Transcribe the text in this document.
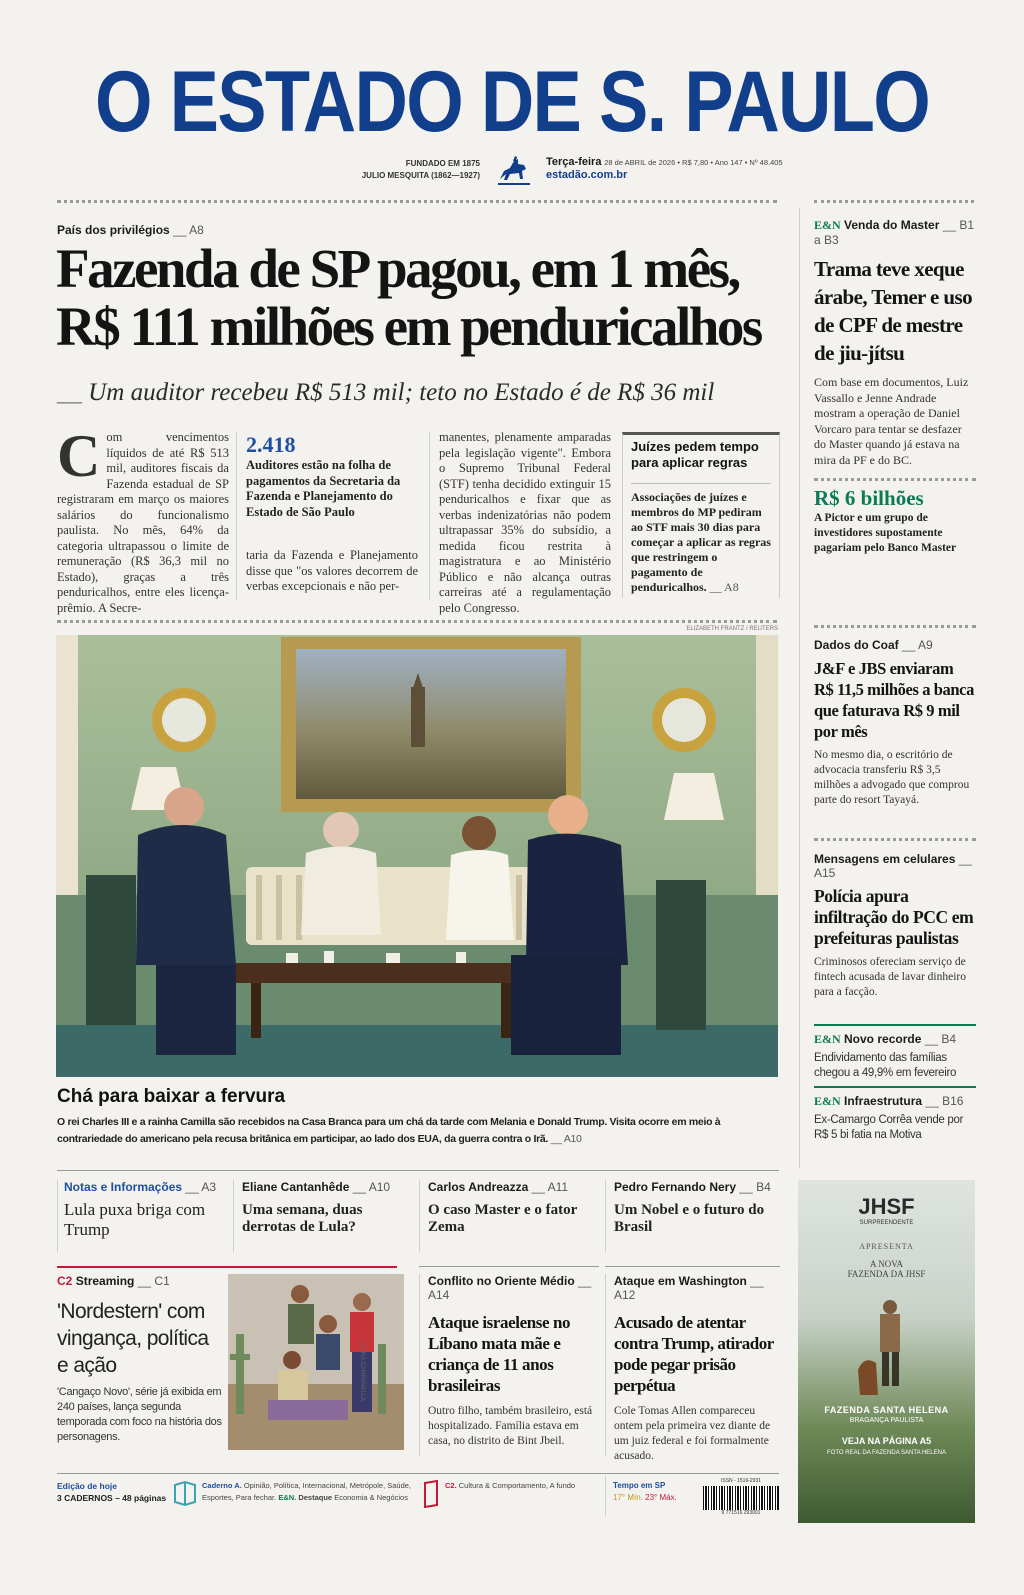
O ESTADO DE S. PAULO
FUNDADO EM 1875
JULIO MESQUITA (1862—1927)
Terça-feira 28 de ABRIL de 2026 • R$ 7,80 • Ano 147 • Nº 48.405
estadão.com.br
País dos privilégios __ A8
Fazenda de SP pagou, em 1 mês,
R$ 111 milhões em penduricalhos
__ Um auditor recebeu R$ 513 mil; teto no Estado é de R$ 36 mil
Com vencimentos líquidos de até R$ 513 mil, auditores fiscais da Fazenda estadual de SP registraram em março os maiores salários do funcionalismo paulista. No mês, 64% da categoria ultrapassou o limite de remuneração (R$ 36,3 mil no Estado), graças a três penduricalhos, entre eles licença-prêmio. A Secre-
2.418
Auditores estão na folha de pagamentos da Secretaria da Fazenda e Planejamento do Estado de São Paulo
taria da Fazenda e Planejamento disse que "os valores decorrem de verbas excepcionais e não per-
manentes, plenamente amparadas pela legislação vigente". Embora o Supremo Tribunal Federal (STF) tenha decidido extinguir 15 penduricalhos e fixar que as verbas indenizatórias não podem ultrapassar 35% do subsídio, a medida ficou restrita à magistratura e ao Ministério Público e não alcança outras carreiras até a regulamentação pelo Congresso.
Juízes pedem tempo para aplicar regras
Associações de juízes e membros do MP pediram ao STF mais 30 dias para começar a aplicar as regras que restringem o pagamento de penduricalhos. __ A8
ELIZABETH FRANTZ / REUTERS
Chá para baixar a fervura
O rei Charles III e a rainha Camilla são recebidos na Casa Branca para um chá da tarde com Melania e Donald Trump. Visita ocorre em meio à contrariedade do americano pela recusa britânica em participar, ao lado dos EUA, da guerra contra o Irã. __ A10
E&N Venda do Master __ B1 a B3
Trama teve xeque árabe, Temer e uso de CPF de mestre de jiu-jítsu
Com base em documentos, Luiz Vassallo e Jenne Andrade mostram a operação de Daniel Vorcaro para tentar se desfazer do Master quando já estava na mira da PF e do BC.
R$ 6 bilhões
A Pictor e um grupo de investidores supostamente pagariam pelo Banco Master
Dados do Coaf __ A9
J&F e JBS enviaram R$ 11,5 milhões a banca que faturava R$ 9 mil por mês
No mesmo dia, o escritório de advocacia transferiu R$ 3,5 milhões a advogado que comprou parte do resort Tayayá.
Mensagens em celulares __ A15
Polícia apura infiltração do PCC em prefeituras paulistas
Criminosos ofereciam serviço de fintech acusada de lavar dinheiro para a facção.
E&N Novo recorde __ B4
Endividamento das famílias chegou a 49,9% em fevereiro
E&N Infraestrutura __ B16
Ex-Camargo Corrêa vende por R$ 5 bi fatia na Motiva
Notas e Informações __ A3
Lula puxa briga com Trump
Eliane Cantanhêde __ A10
Uma semana, duas derrotas de Lula?
Carlos Andreazza __ A11
O caso Master e o fator Zema
Pedro Fernando Nery __ B4
Um Nobel e o futuro do Brasil
C2 Streaming __ C1
'Nordestern' com vingança, política e ação
'Cangaço Novo', série já exibida em 240 países, lança segunda temporada com foco na história dos personagens.
LAURA CAMPANELLA
Conflito no Oriente Médio __ A14
Ataque israelense no Líbano mata mãe e criança de 11 anos brasileiras
Outro filho, também brasileiro, está hospitalizado. Família estava em casa, no distrito de Bint Jbeil.
Ataque em Washington __ A12
Acusado de atentar contra Trump, atirador pode pegar prisão perpétua
Cole Tomas Allen compareceu ontem pela primeira vez diante de um juiz federal e foi formalmente acusado.
JHSF
SURPREENDENTE
APRESENTA
A NOVA
FAZENDA DA JHSF
FAZENDA SANTA HELENA
BRAGANÇA PAULISTA
VEJA NA PÁGINA A5
FOTO REAL DA FAZENDA SANTA HELENA
Edição de hoje
3 CADERNOS – 48 páginas
Caderno A. Opinião, Política, Internacional, Metrópole, Saúde, Esportes, Para fechar. E&N. Destaque Economia & Negócios
C2. Cultura & Comportamento, A fundo	Tempo em SP
17° Mín. 23° Máx.
ISSN - 1516-2931
9 771516 293001
